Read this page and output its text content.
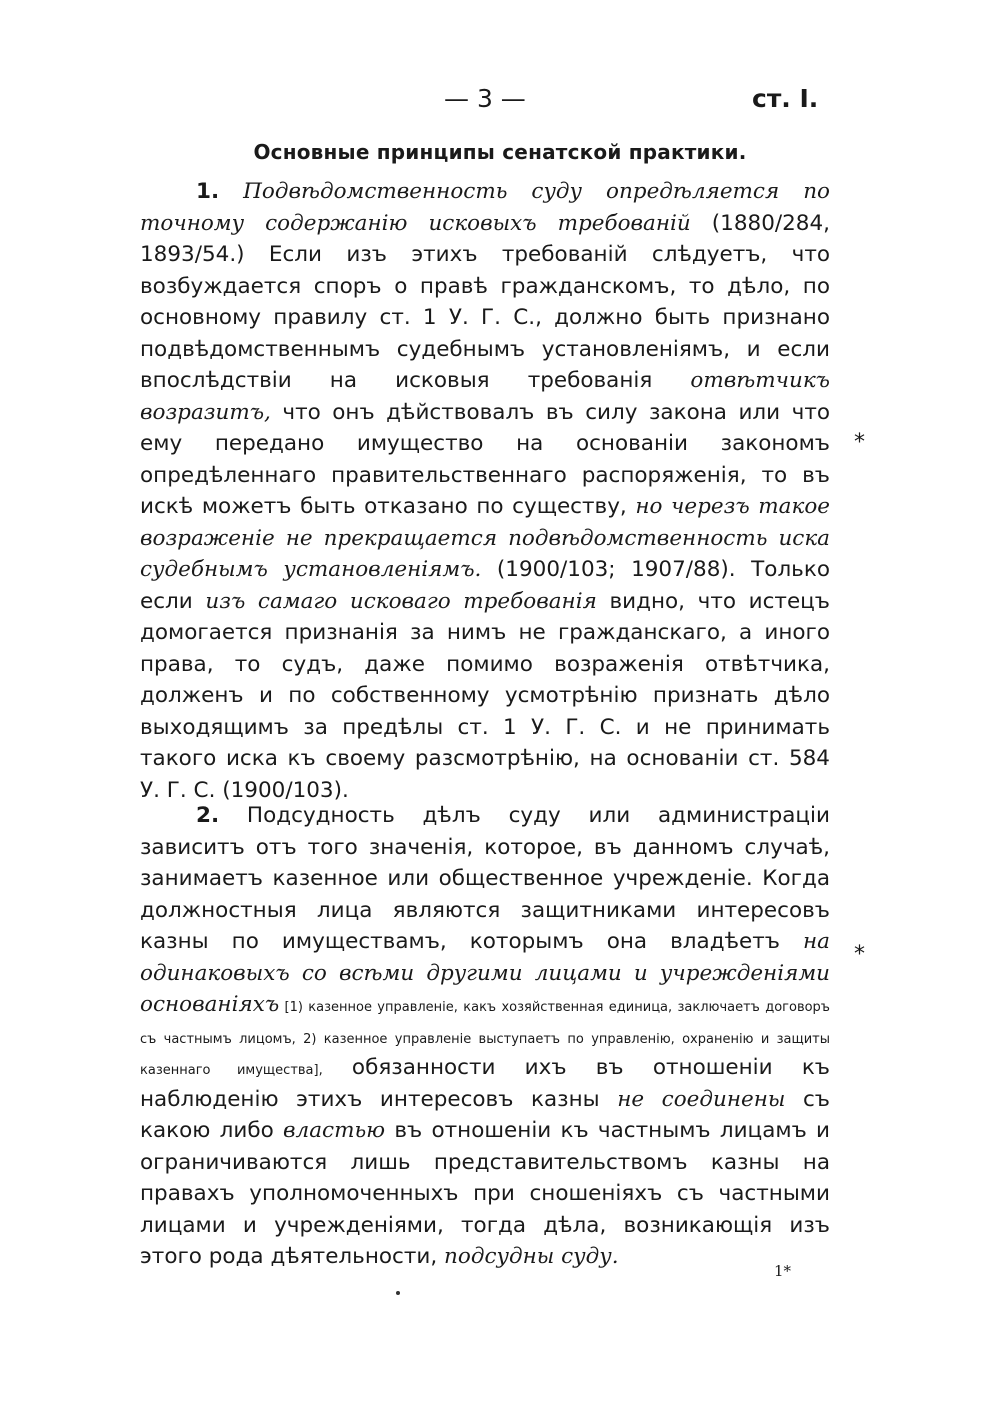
— 3 —	ст. I.
Основные принципы сенатской практики.

1. Подвѣдомственность суду опредѣляется по точному содержанію исковыхъ требованій (1880/284, 1893/54.) Если изъ этихъ требованій слѣдуетъ, что возбуждается споръ о правѣ гражданскомъ, то дѣло, по основному правилу ст. 1 У. Г. С., должно быть признано подвѣдомственнымъ судебнымъ установленіямъ, и если впослѣдствіи на исковыя требованія отвѣтчикъ возразитъ, что онъ дѣйствовалъ въ силу закона или что ему передано имущество на основаніи закономъ опредѣленнаго правительственнаго распоряженія, то въ искѣ можетъ быть отказано по существу, но черезъ такое возраженіе не прекращается подвѣдомственность иска судебнымъ установленіямъ. (1900/103; 1907/88). Только если изъ самаго исковаго требованія видно, что истецъ домогается признанія за нимъ не гражданскаго, а иного права, то судъ, даже помимо возраженія отвѣтчика, долженъ и по собственному усмотрѣнію признать дѣло выходящимъ за предѣлы ст. 1 У. Г. С. и не принимать такого иска къ своему разсмотрѣнію, на основаніи ст. 584 У. Г. С. (1900/103).

2. Подсудность дѣлъ суду или администраціи зависитъ отъ того значенія, которое, въ данномъ случаѣ, занимаетъ казенное или общественное учрежденіе. Когда должностныя лица являются защитниками интересовъ казны по имуществамъ, которымъ она владѣетъ на одинаковыхъ со всѣми другими лицами и учрежденіями основаніяхъ [1) казенное управленіе, какъ хозяйственная единица, заключаетъ договоръ съ частнымъ лицомъ, 2) казенное управленіе выступаетъ по управленію, охраненію и защиты казеннаго имущества], обязанности ихъ въ отношеніи къ наблюденію этихъ интересовъ казны не соединены съ какою либо властью въ отношеніи къ частнымъ лицамъ и ограничиваются лишь представительствомъ казны на правахъ уполномоченныхъ при сношеніяхъ съ частными лицами и учрежденіями, тогда дѣла, возникающія изъ этого рода дѣятельности, подсудны суду.

*
*
1*
